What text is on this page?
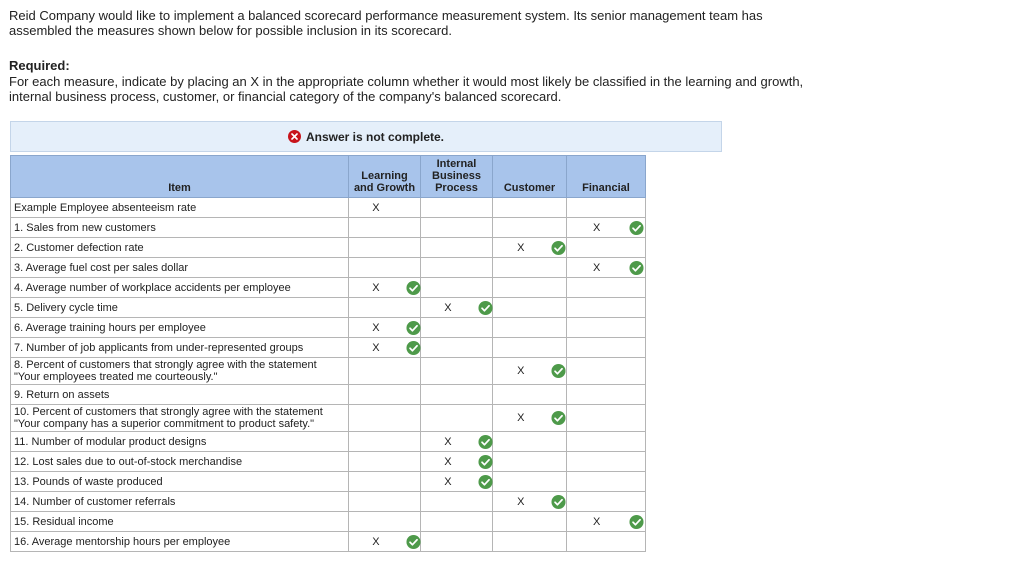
Reid Company would like to implement a balanced scorecard performance measurement system. Its senior management team has assembled the measures shown below for possible inclusion in its scorecard.

Required:

For each measure, indicate by placing an X in the appropriate column whether it would most likely be classified in the learning and growth, internal business process, customer, or financial category of the company's balanced scorecard.

Answer is not complete.
Item	Learning and Growth	Internal Business Process	Customer	Financial
Example Employee absenteeism rate	X			

1. Sales from new customers				X

2. Customer defection rate			X	

3. Average fuel cost per sales dollar				X

4. Average number of workplace accidents per employee	X			

5. Delivery cycle time		X		

6. Average training hours per employee	X			

7. Number of job applicants from under-represented groups	X			

8. Percent of customers that strongly agree with the statement "Your employees treated me courteously."			X	

9. Return on assets	

10. Percent of customers that strongly agree with the statement "Your company has a superior commitment to product safety."			X	

11. Number of modular product designs		X		

12. Lost sales due to out-of-stock merchandise		X		

13. Pounds of waste produced		X		

14. Number of customer referrals			X	

15. Residual income				X

16. Average mentorship hours per employee	X			
